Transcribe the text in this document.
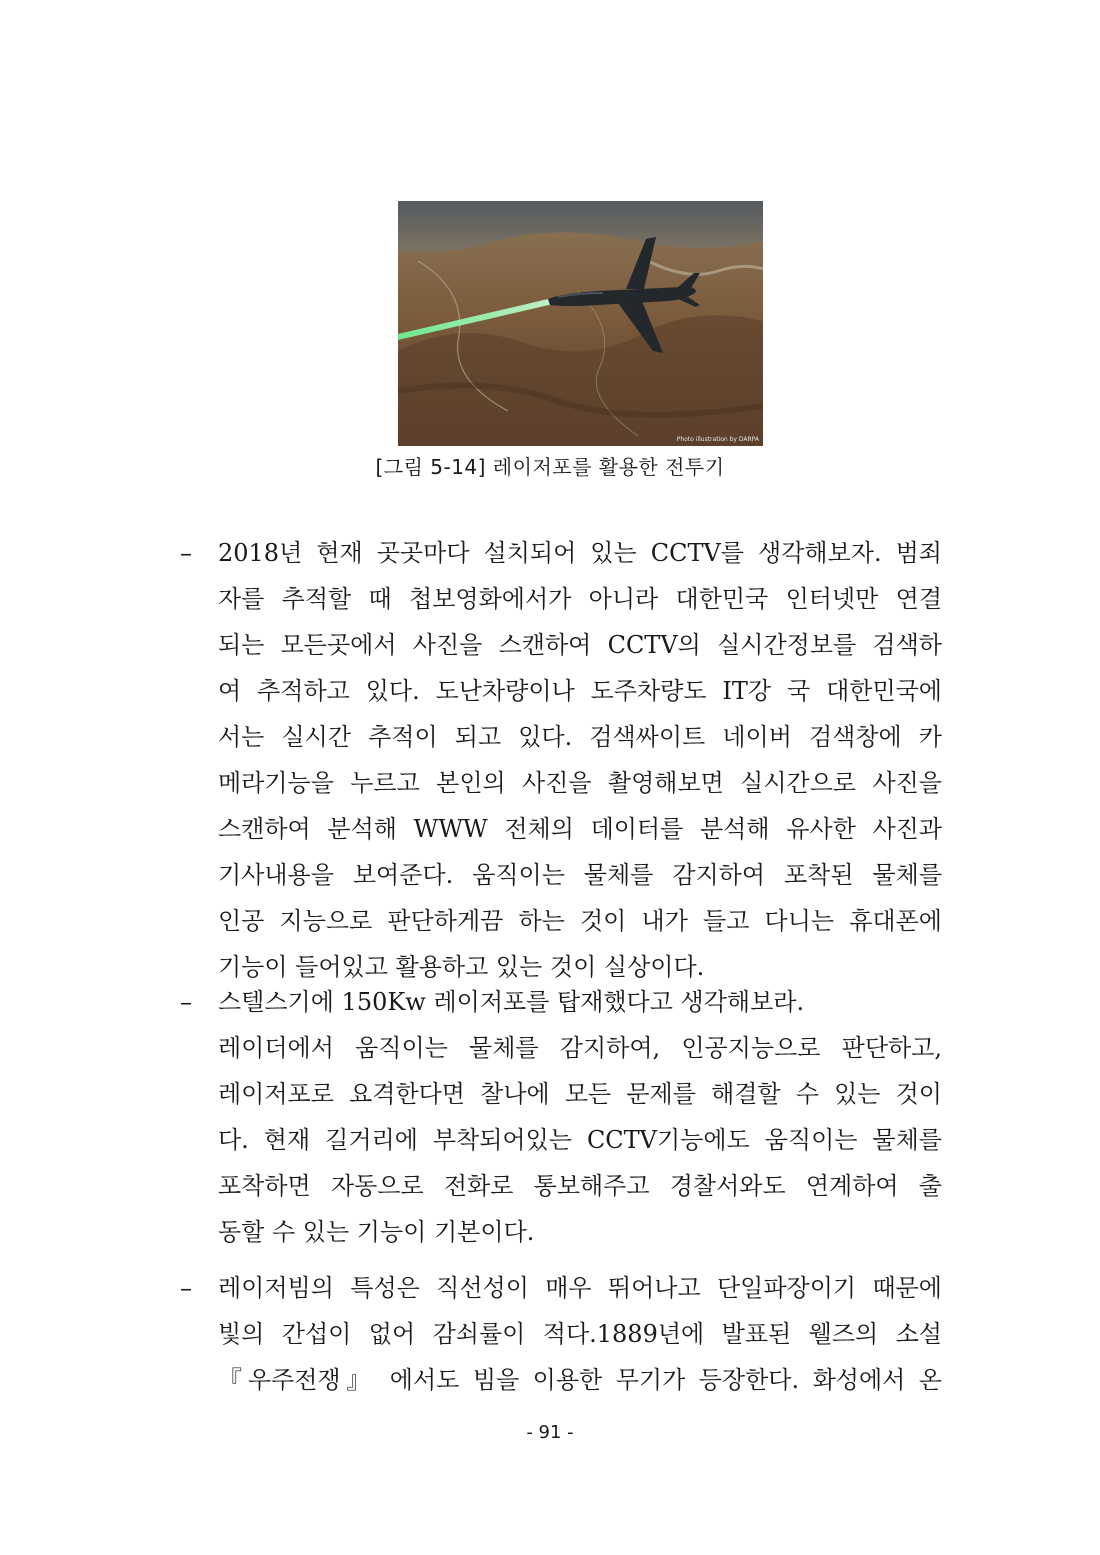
Photo illustration by DARPA
[그림 5-14] 레이저포를 활용한 전투기
– 2018년 현재 곳곳마다 설치되어 있는 CCTV를 생각해보자. 범죄
자를 추적할 때 첩보영화에서가 아니라 대한민국 인터넷만 연결
되는 모든곳에서 사진을 스캔하여 CCTV의 실시간정보를 검색하
여 추적하고 있다. 도난차량이나 도주차량도 IT강 국 대한민국에
서는 실시간 추적이 되고 있다. 검색싸이트 네이버 검색창에 카
메라기능을 누르고 본인의 사진을 촬영해보면 실시간으로 사진을
스캔하여 분석해 WWW 전체의 데이터를 분석해 유사한 사진과
기사내용을 보여준다. 움직이는 물체를 감지하여 포착된 물체를
인공 지능으로 판단하게끔 하는 것이 내가 들고 다니는 휴대폰에
기능이 들어있고 활용하고 있는 것이 실상이다.
– 스텔스기에 150Kw 레이저포를 탑재했다고 생각해보라.
레이더에서 움직이는 물체를 감지하여, 인공지능으로 판단하고,
레이저포로 요격한다면 찰나에 모든 문제를 해결할 수 있는 것이
다. 현재 길거리에 부착되어있는 CCTV기능에도 움직이는 물체를
포착하면 자동으로 전화로 통보해주고 경찰서와도 연계하여 출
동할 수 있는 기능이 기본이다.
– 레이저빔의 특성은 직선성이 매우 뛰어나고 단일파장이기 때문에
빛의 간섭이 없어 감쇠률이 적다.1889년에 발표된 웰즈의 소설
『우주전쟁』 에서도 빔을 이용한 무기가 등장한다. 화성에서 온
- 91 -
